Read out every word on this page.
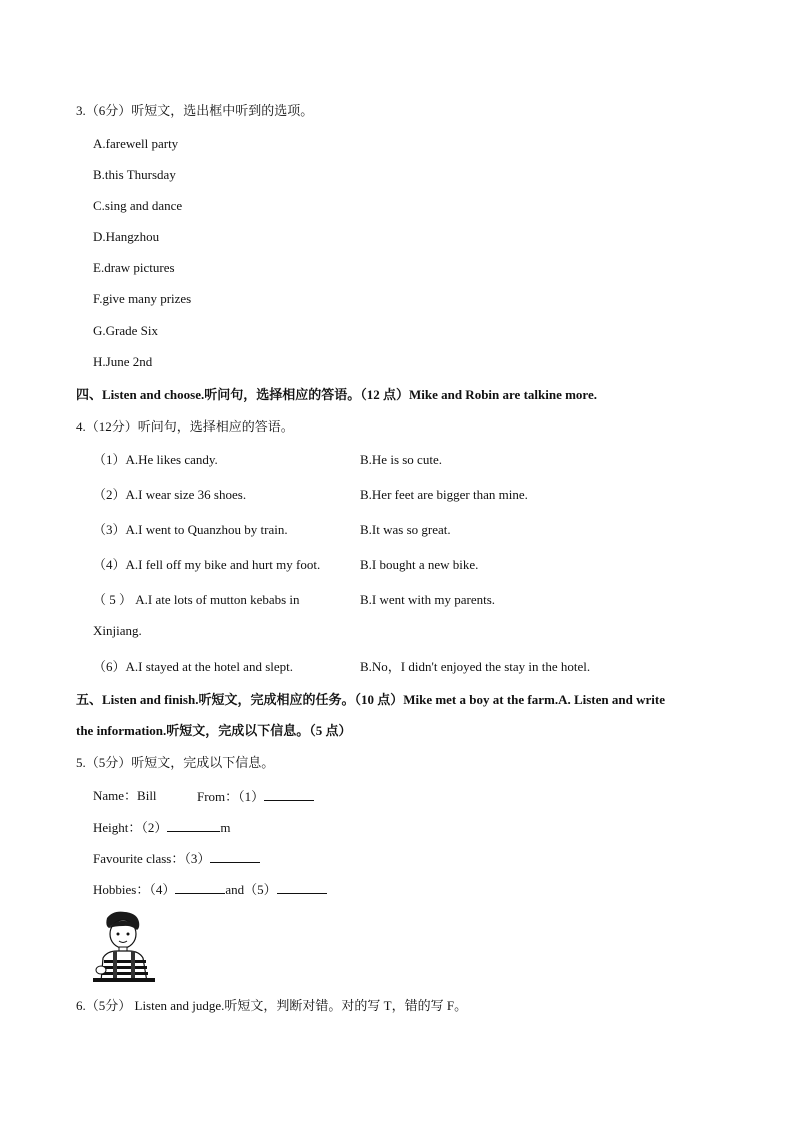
3.（6分）听短文，选出框中听到的选项。
A.farewell party
B.this Thursday
C.sing and dance
D.Hangzhou
E.draw pictures
F.give many prizes
G.Grade Six
H.June 2nd
四、Listen and choose.听问句，选择相应的答语。（12 点）Mike and Robin are talkine more.
4.（12分）听问句，选择相应的答语。
（1）A.He likes candy.	B.He is so cute.
（2）A.I wear size 36 shoes.	B.Her feet are bigger than mine.
（3）A.I went to Quanzhou by train.	B.It was so great.
（4）A.I fell off my bike and hurt my foot.	B.I bought a new bike.
（ 5 ） A.I ate lots of mutton kebabs in	B.I went with my parents.
Xinjiang.
（6）A.I stayed at the hotel and slept.	B.No，I didn't enjoyed the stay in the hotel.
五、Listen and finish.听短文，完成相应的任务。（10 点）Mike met a boy at the farm.A. Listen and write
the information.听短文，完成以下信息。（5 点）
5.（5分）听短文，完成以下信息。
Name：Bill	From：（1）
Height：（2）	m
Favourite class：（3）
Hobbies：（4）	and（5）
6.（5分） Listen and judge.听短文，判断对错。对的写 T，错的写 F。
